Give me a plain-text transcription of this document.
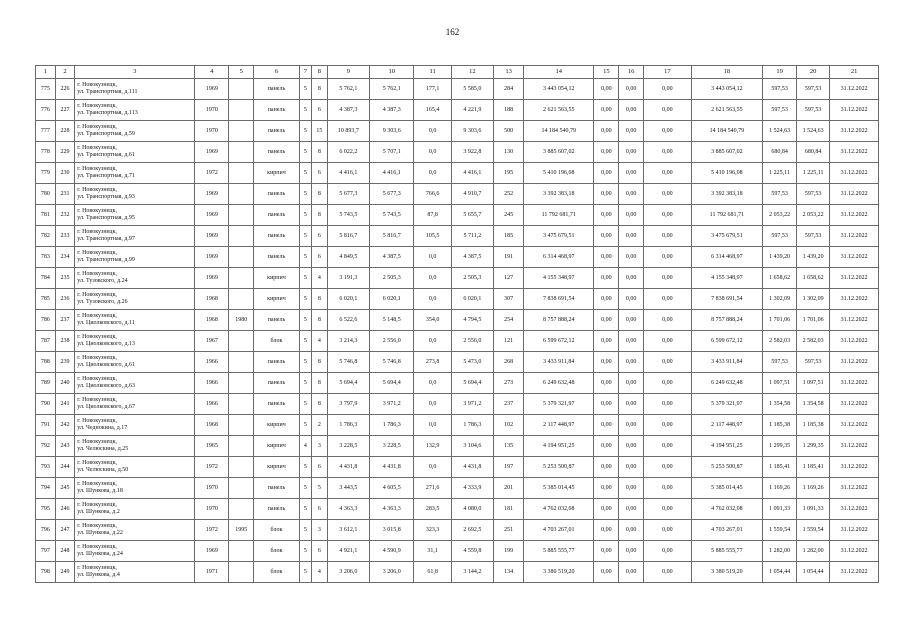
162
1	2	3	4	5	6	7	8	9	10	11	12	13	14	15	16	17	18	19	20	21
775	226	г. Новокузнецк,
ул. Транспортная, д.111	1969		панель	5	8	5 762,1	5 762,1	177,1	5 585,0	284	3 443 054,12	0,00	0,00	0,00	3 443 054,12	597,53	597,53	31.12.2022
776	227	г. Новокузнецк,
ул. Транспортная, д.113	1970		панель	5	6	4 387,3	4 387,3	165,4	4 221,9	188	2 621 563,55	0,00	0,00	0,00	2 621 563,55	597,53	597,53	31.12.2022
777	228	г. Новокузнецк,
ул. Транспортная, д.59	1970		панель	5	15	10 893,7	9 303,6	0,0	9 303,6	500	14 184 540,79	0,00	0,00	0,00	14 184 540,79	1 524,63	1 524,63	31.12.2022
778	229	г. Новокузнецк,
ул. Транспортная, д.61	1969		панель	5	8	6 022,2	5 707,1	0,0	3 922,8	130	3 885 607,02	0,00	0,00	0,00	3 885 607,02	680,84	680,84	31.12.2022
779	230	г. Новокузнецк,
ул. Транспортная, д.71	1972		кирпич	5	6	4 416,1	4 416,1	0,0	4 416,1	195	5 410 196,08	0,00	0,00	0,00	5 410 196,08	1 225,11	1 225,11	31.12.2022
780	231	г. Новокузнецк,
ул. Транспортная, д.93	1969		панель	5	8	5 677,3	5 677,3	766,6	4 910,7	252	3 392 383,18	0,00	0,00	0,00	3 392 383,18	597,53	597,53	31.12.2022
781	232	г. Новокузнецк,
ул. Транспортная, д.95	1969		панель	5	8	5 743,5	5 743,5	87,8	5 655,7	245	11 792 681,71	0,00	0,00	0,00	11 792 681,71	2 053,22	2 053,22	31.12.2022
782	233	г. Новокузнецк,
ул. Транспортная, д.97	1969		панель	5	6	5 816,7	5 816,7	105,5	5 711,2	185	3 475 679,51	0,00	0,00	0,00	3 475 679,51	597,53	597,53	31.12.2022
783	234	г. Новокузнецк,
ул. Транспортная, д.99	1969		панель	5	6	4 849,5	4 387,5	0,0	4 387,5	191	6 314 468,97	0,00	0,00	0,00	6 314 468,97	1 439,20	1 439,20	31.12.2022
784	235	г. Новокузнецк,
ул. Тузовского, д.24	1969		кирпич	5	4	3 191,3	2 505,3	0,0	2 505,3	127	4 155 348,97	0,00	0,00	0,00	4 155 348,97	1 658,62	1 658,62	31.12.2022
785	236	г. Новокузнецк,
ул. Тузовского, д.26	1968		кирпич	5	8	6 020,1	6 020,1	0,0	6 020,1	307	7 838 691,54	0,00	0,00	0,00	7 838 691,54	1 302,09	1 302,09	31.12.2022
786	237	г. Новокузнецк,
ул. Циолковского, д.11	1968	1980	панель	5	8	6 522,6	5 148,5	354,0	4 794,5	254	8 757 888,24	0,00	0,00	0,00	8 757 888,24	1 701,06	1 701,06	31.12.2022
787	238	г. Новокузнецк,
ул. Циолковского, д.13	1967		блок	5	4	3 214,3	2 556,0	0,0	2 556,0	121	6 599 672,12	0,00	0,00	0,00	6 599 672,12	2 582,03	2 582,03	31.12.2022
788	239	г. Новокузнецк,
ул. Циолковского, д.61	1966		панель	5	8	5 746,8	5 746,8	273,8	5 473,0	268	3 433 911,84	0,00	0,00	0,00	3 433 911,84	597,53	597,53	31.12.2022
789	240	г. Новокузнецк,
ул. Циолковского, д.63	1966		панель	5	8	5 694,4	5 694,4	0,0	5 694,4	273	6 249 632,48	0,00	0,00	0,00	6 249 632,48	1 097,51	1 097,51	31.12.2022
790	241	г. Новокузнецк,
ул. Циолковского, д.67	1966		панель	5	8	3 797,9	3 971,2	0,0	3 971,2	237	5 379 321,97	0,00	0,00	0,00	5 379 321,97	1 354,58	1 354,58	31.12.2022
791	242	г. Новокузнецк,
ул. Чеднокина, д.17	1968		кирпич	5	2	1 786,3	1 786,3	0,0	1 786,3	102	2 117 448,97	0,00	0,00	0,00	2 117 448,97	1 185,38	1 185,38	31.12.2022
792	243	г. Новокузнецк,
ул. Челюскина, д.25	1965		кирпич	4	3	3 228,5	3 228,5	132,9	3 104,6	135	4 194 951,25	0,00	0,00	0,00	4 194 951,25	1 299,35	1 299,35	31.12.2022
793	244	г. Новокузнецк,
ул. Челюскина, д.50	1972		кирпич	5	6	4 431,8	4 431,8	0,0	4 431,8	197	5 253 500,87	0,00	0,00	0,00	5 253 500,87	1 185,41	1 185,41	31.12.2022
794	245	г. Новокузнецк,
ул. Шункова, д.18	1970		панель	5	5	3 443,5	4 605,5	271,6	4 333,9	201	5 385 014,45	0,00	0,00	0,00	5 385 014,45	1 169,26	1 169,26	31.12.2022
795	246	г. Новокузнецк,
ул. Шункова, д.2	1970		панель	5	6	4 363,3	4 363,3	283,5	4 080,0	181	4 762 032,08	0,00	0,00	0,00	4 762 032,08	1 091,33	1 091,33	31.12.2022
796	247	г. Новокузнецк,
ул. Шункова, д.22	1972	1995	блок	5	3	3 612,1	3 015,8	323,3	2 692,5	251	4 703 267,01	0,00	0,00	0,00	4 703 267,01	1 559,54	1 559,54	31.12.2022
797	248	г. Новокузнецк,
ул. Шункова, д.24	1969		блок	5	6	4 921,1	4 590,9	31,1	4 559,8	199	5 885 555,77	0,00	0,00	0,00	5 885 555,77	1 282,00	1 282,00	31.12.2022
798	249	г. Новокузнецк,
ул. Шункова, д.4	1971		блок	5	4	3 206,0	3 206,0	61,8	3 144,2	134	3 380 519,20	0,00	0,00	0,00	3 380 519,20	1 054,44	1 054,44	31.12.2022
